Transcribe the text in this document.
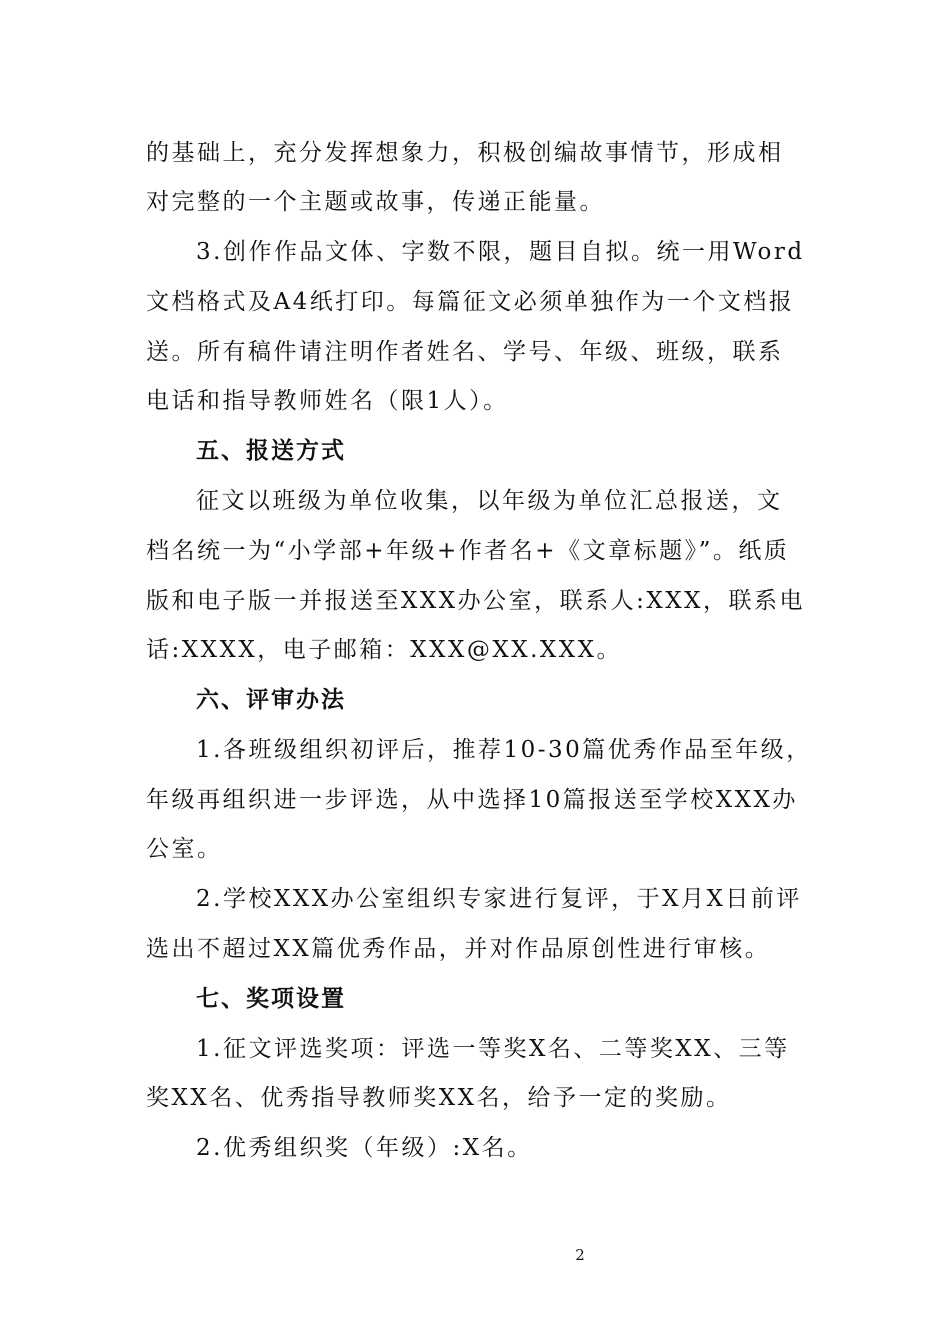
的基础上，充分发挥想象力，积极创编故事情节，形成相
对完整的一个主题或故事，传递正能量。
3.创作作品文体、字数不限，题目自拟。统一用Word
文档格式及A4纸打印。每篇征文必须单独作为一个文档报
送。所有稿件请注明作者姓名、学号、年级、班级，联系
电话和指导教师姓名（限1人）。
五、报送方式
征文以班级为单位收集，以年级为单位汇总报送，文
档名统一为“小学部+年级+作者名+《文章标题》”。纸质
版和电子版一并报送至XXX办公室，联系人:XXX，联系电
话:XXXX，电子邮箱：XXX@XX.XXX。
六、评审办法
1.各班级组织初评后，推荐10-30篇优秀作品至年级，
年级再组织进一步评选，从中选择10篇报送至学校XXX办
公室。
2.学校XXX办公室组织专家进行复评，于X月X日前评
选出不超过XX篇优秀作品，并对作品原创性进行审核。
七、奖项设置
1.征文评选奖项：评选一等奖X名、二等奖XX、三等
奖XX名、优秀指导教师奖XX名，给予一定的奖励。
2.优秀组织奖（年级）:X名。
2
